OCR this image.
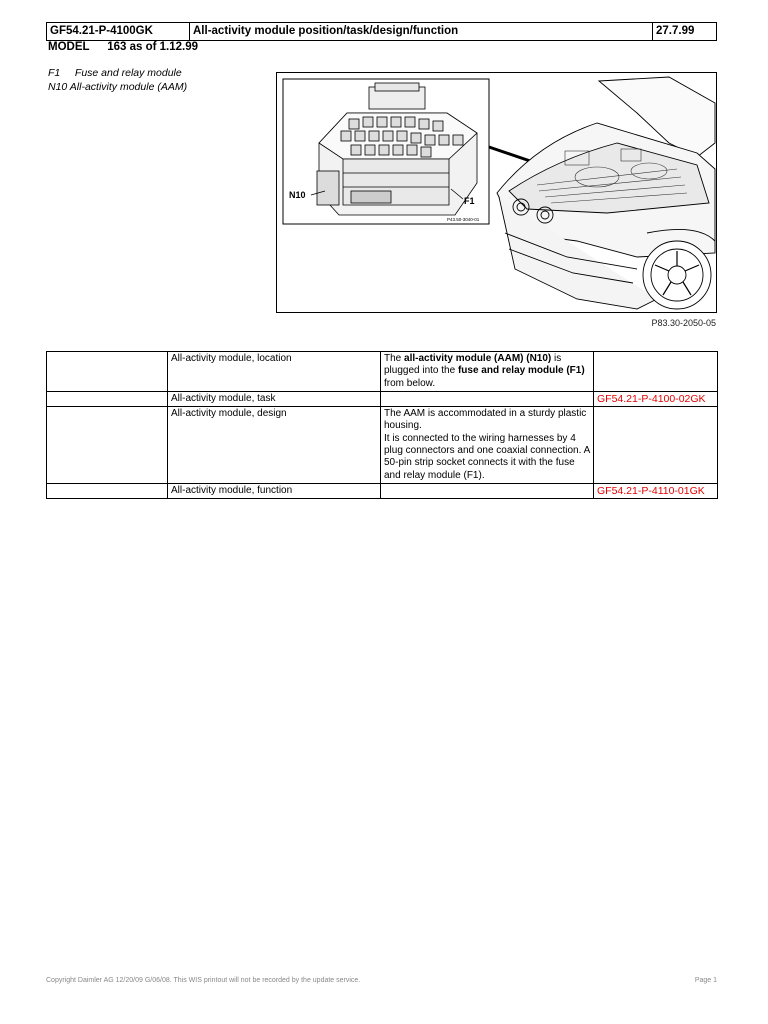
GF54.21-P-4100GK	All-activity module position/task/design/function	27.7.99
MODEL 163 as of 1.12.99
F1 Fuse and relay module
N10 All-activity module (AAM)
N10
F1
P43.50-3040-01
P83.30-2050-05
	All-activity module, location	The all-activity module (AAM) (N10) is plugged into the fuse and relay module (F1) from below.	
	All-activity module, task		GF54.21-P-4100-02GK
	All-activity module, design	The AAM is accommodated in a sturdy plastic housing.
It is connected to the wiring harnesses by 4 plug connectors and one coaxial connection. A 50-pin strip socket connects it with the fuse and relay module (F1).	

	All-activity module, function		GF54.21-P-4110-01GK
Copyright Daimler AG 12/20/09 G/06/08. This WIS printout will not be recorded by the update service.	Page 1
